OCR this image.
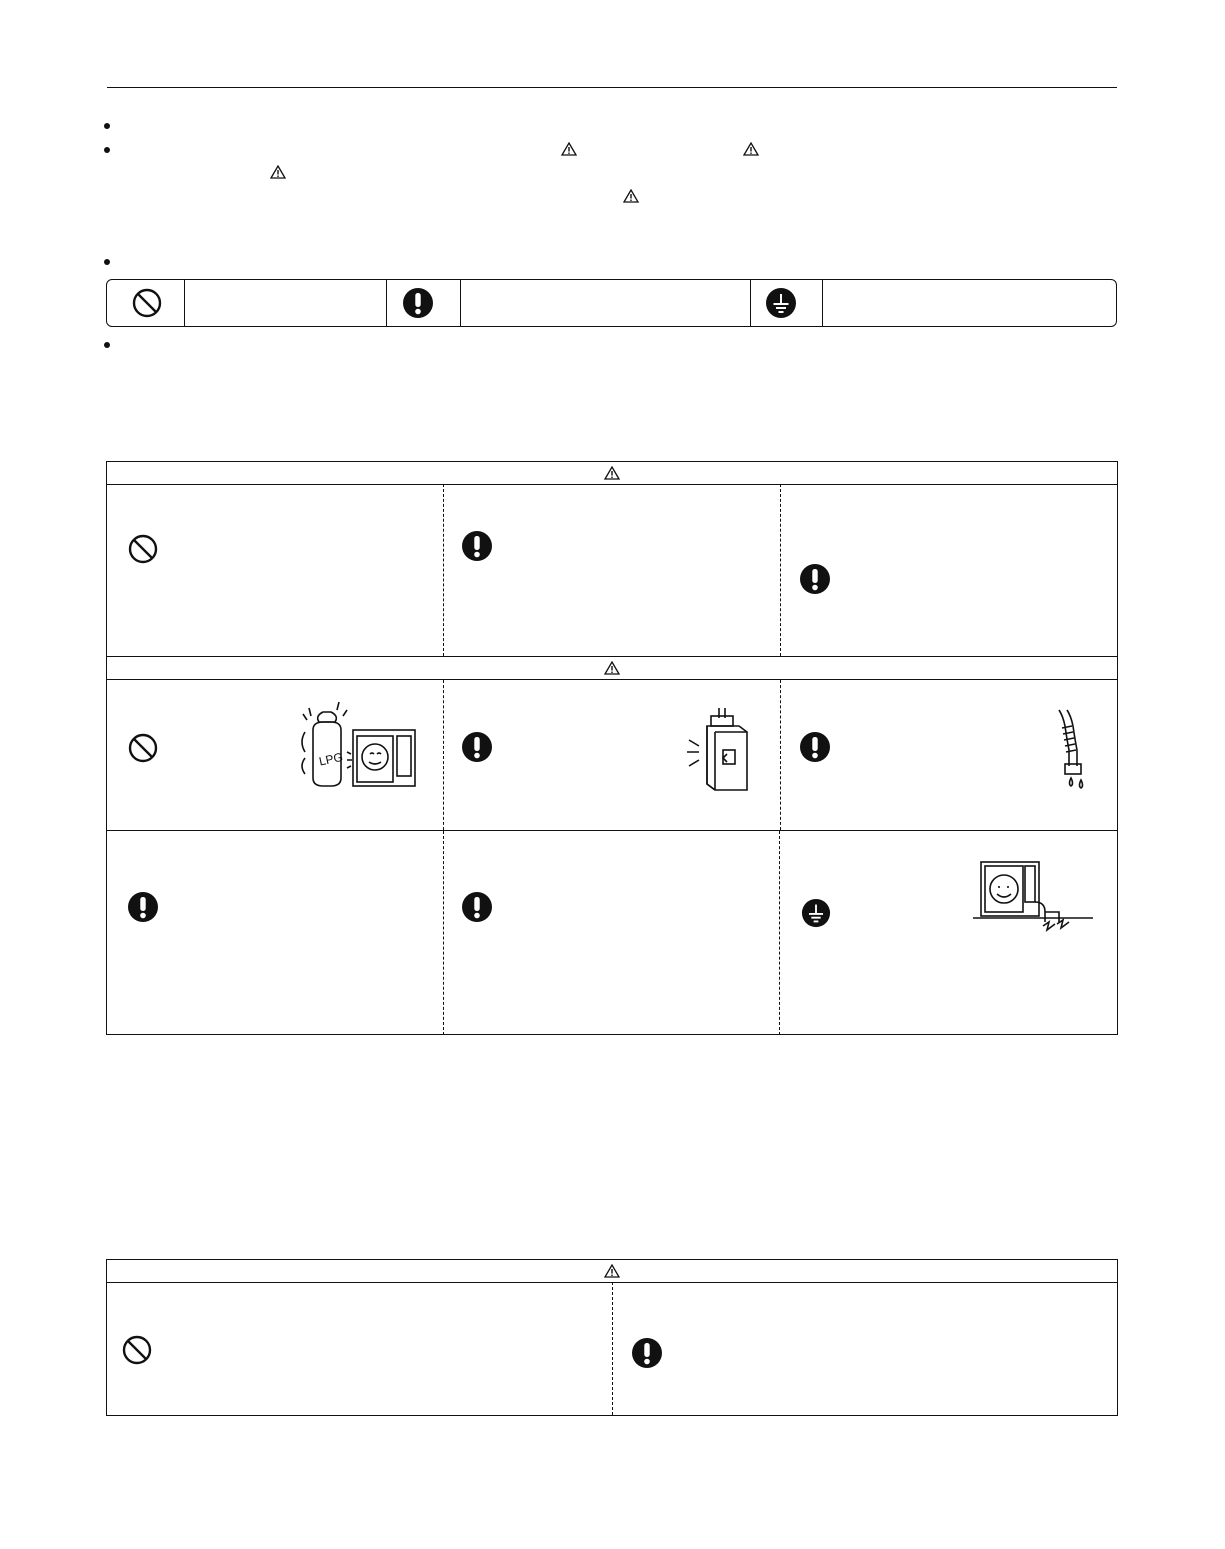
LPG
